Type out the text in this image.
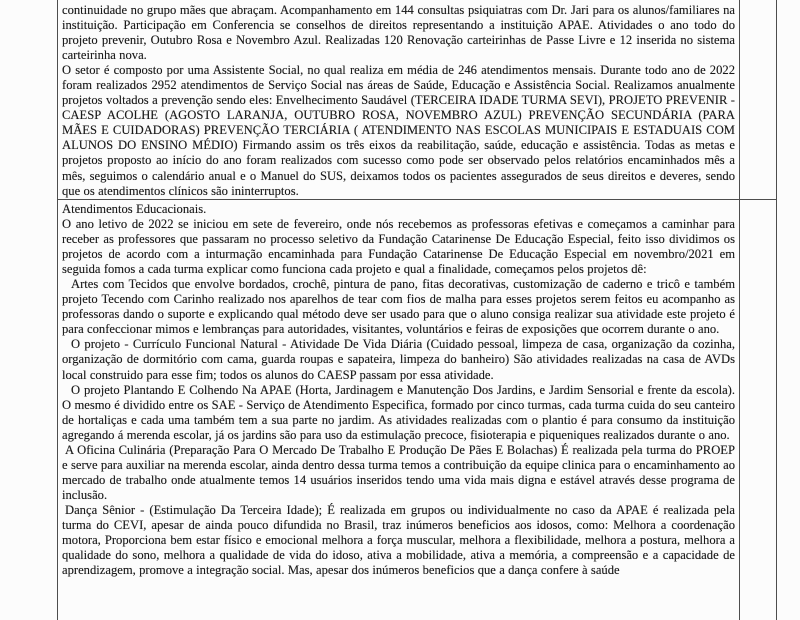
continuidade no grupo mães que abraçam. Acompanhamento em 144 consultas psiquiatras com Dr. Jari para os alunos/familiares na instituição. Participação em Conferencia se conselhos de direitos representando a instituição APAE. Atividades o ano todo do projeto prevenir, Outubro Rosa e Novembro Azul. Realizadas 120 Renovação carteirinhas de Passe Livre e 12 inserida no sistema carteirinha nova.

O setor é composto por uma Assistente Social, no qual realiza em média de 246 atendimentos mensais. Durante todo ano de 2022 foram realizados 2952 atendimentos de Serviço Social nas áreas de Saúde, Educação e Assistência Social. Realizamos anualmente projetos voltados a prevenção sendo eles: Envelhecimento Saudável (TERCEIRA IDADE TURMA SEVI), PROJETO PREVENIR - CAESP ACOLHE (AGOSTO LARANJA, OUTUBRO ROSA, NOVEMBRO AZUL) PREVENÇÃO SECUNDÁRIA (PARA MÃES E CUIDADORAS) PREVENÇÃO TERCIÁRIA ( ATENDIMENTO NAS ESCOLAS MUNICIPAIS E ESTADUAIS COM ALUNOS DO ENSINO MÉDIO) Firmando assim os três eixos da reabilitação, saúde, educação e assistência. Todas as metas e projetos proposto ao início do ano foram realizados com sucesso como pode ser observado pelos relatórios encaminhados mês a mês, seguimos o calendário anual e o Manuel do SUS, deixamos todos os pacientes assegurados de seus direitos e deveres, sendo que os atendimentos clínicos são ininterruptos.

Atendimentos Educacionais.

O ano letivo de 2022 se iniciou em sete de fevereiro, onde nós recebemos as professoras efetivas e começamos a caminhar para receber as professores que passaram no processo seletivo da Fundação Catarinense De Educação Especial, feito isso dividimos os projetos de acordo com a inturmação encaminhada para Fundação Catarinense De Educação Especial em novembro/2021 em seguida fomos a cada turma explicar como funciona cada projeto e qual a finalidade, começamos pelos projetos dê:

Artes com Tecidos que envolve bordados, crochê, pintura de pano, fitas decorativas, customização de caderno e tricô e também projeto Tecendo com Carinho realizado nos aparelhos de tear com fios de malha para esses projetos serem feitos eu acompanho as professoras dando o suporte e explicando qual método deve ser usado para que o aluno consiga realizar sua atividade este projeto é para confeccionar mimos e lembranças para autoridades, visitantes, voluntários e feiras de exposições que ocorrem durante o ano.

O projeto - Currículo Funcional Natural - Atividade De Vida Diária (Cuidado pessoal, limpeza de casa, organização da cozinha, organização de dormitório com cama, guarda roupas e sapateira, limpeza do banheiro) São atividades realizadas na casa de AVDs local construido para esse fim; todos os alunos do CAESP passam por essa atividade.

O projeto Plantando E Colhendo Na APAE (Horta, Jardinagem e Manutenção Dos Jardins, e Jardim Sensorial e frente da escola). O mesmo é dividido entre os SAE - Serviço de Atendimento Especifica, formado por cinco turmas, cada turma cuida do seu canteiro de hortaliças e cada uma também tem a sua parte no jardim. As atividades realizadas com o plantio é para consumo da instituição agregando á merenda escolar, já os jardins são para uso da estimulação precoce, fisioterapia e piqueniques realizados durante o ano.

A Oficina Culinária (Preparação Para O Mercado De Trabalho E Produção De Pães E Bolachas) É realizada pela turma do PROEP e serve para auxiliar na merenda escolar, ainda dentro dessa turma temos a contribuição da equipe clinica para o encaminhamento ao mercado de trabalho onde atualmente temos 14 usuários inseridos tendo uma vida mais digna e estável através desse programa de inclusão.

Dança Sênior - (Estimulação Da Terceira Idade); É realizada em grupos ou individualmente no caso da APAE é realizada pela turma do CEVI, apesar de ainda pouco difundida no Brasil, traz inúmeros beneficios aos idosos, como: Melhora a coordenação motora, Proporciona bem estar físico e emocional melhora a força muscular, melhora a flexibilidade, melhora a postura, melhora a qualidade do sono, melhora a qualidade de vida do idoso, ativa a mobilidade, ativa a memória, a compreensão e a capacidade de aprendizagem, promove a integração social. Mas, apesar dos inúmeros beneficios que a dança confere à saúde
